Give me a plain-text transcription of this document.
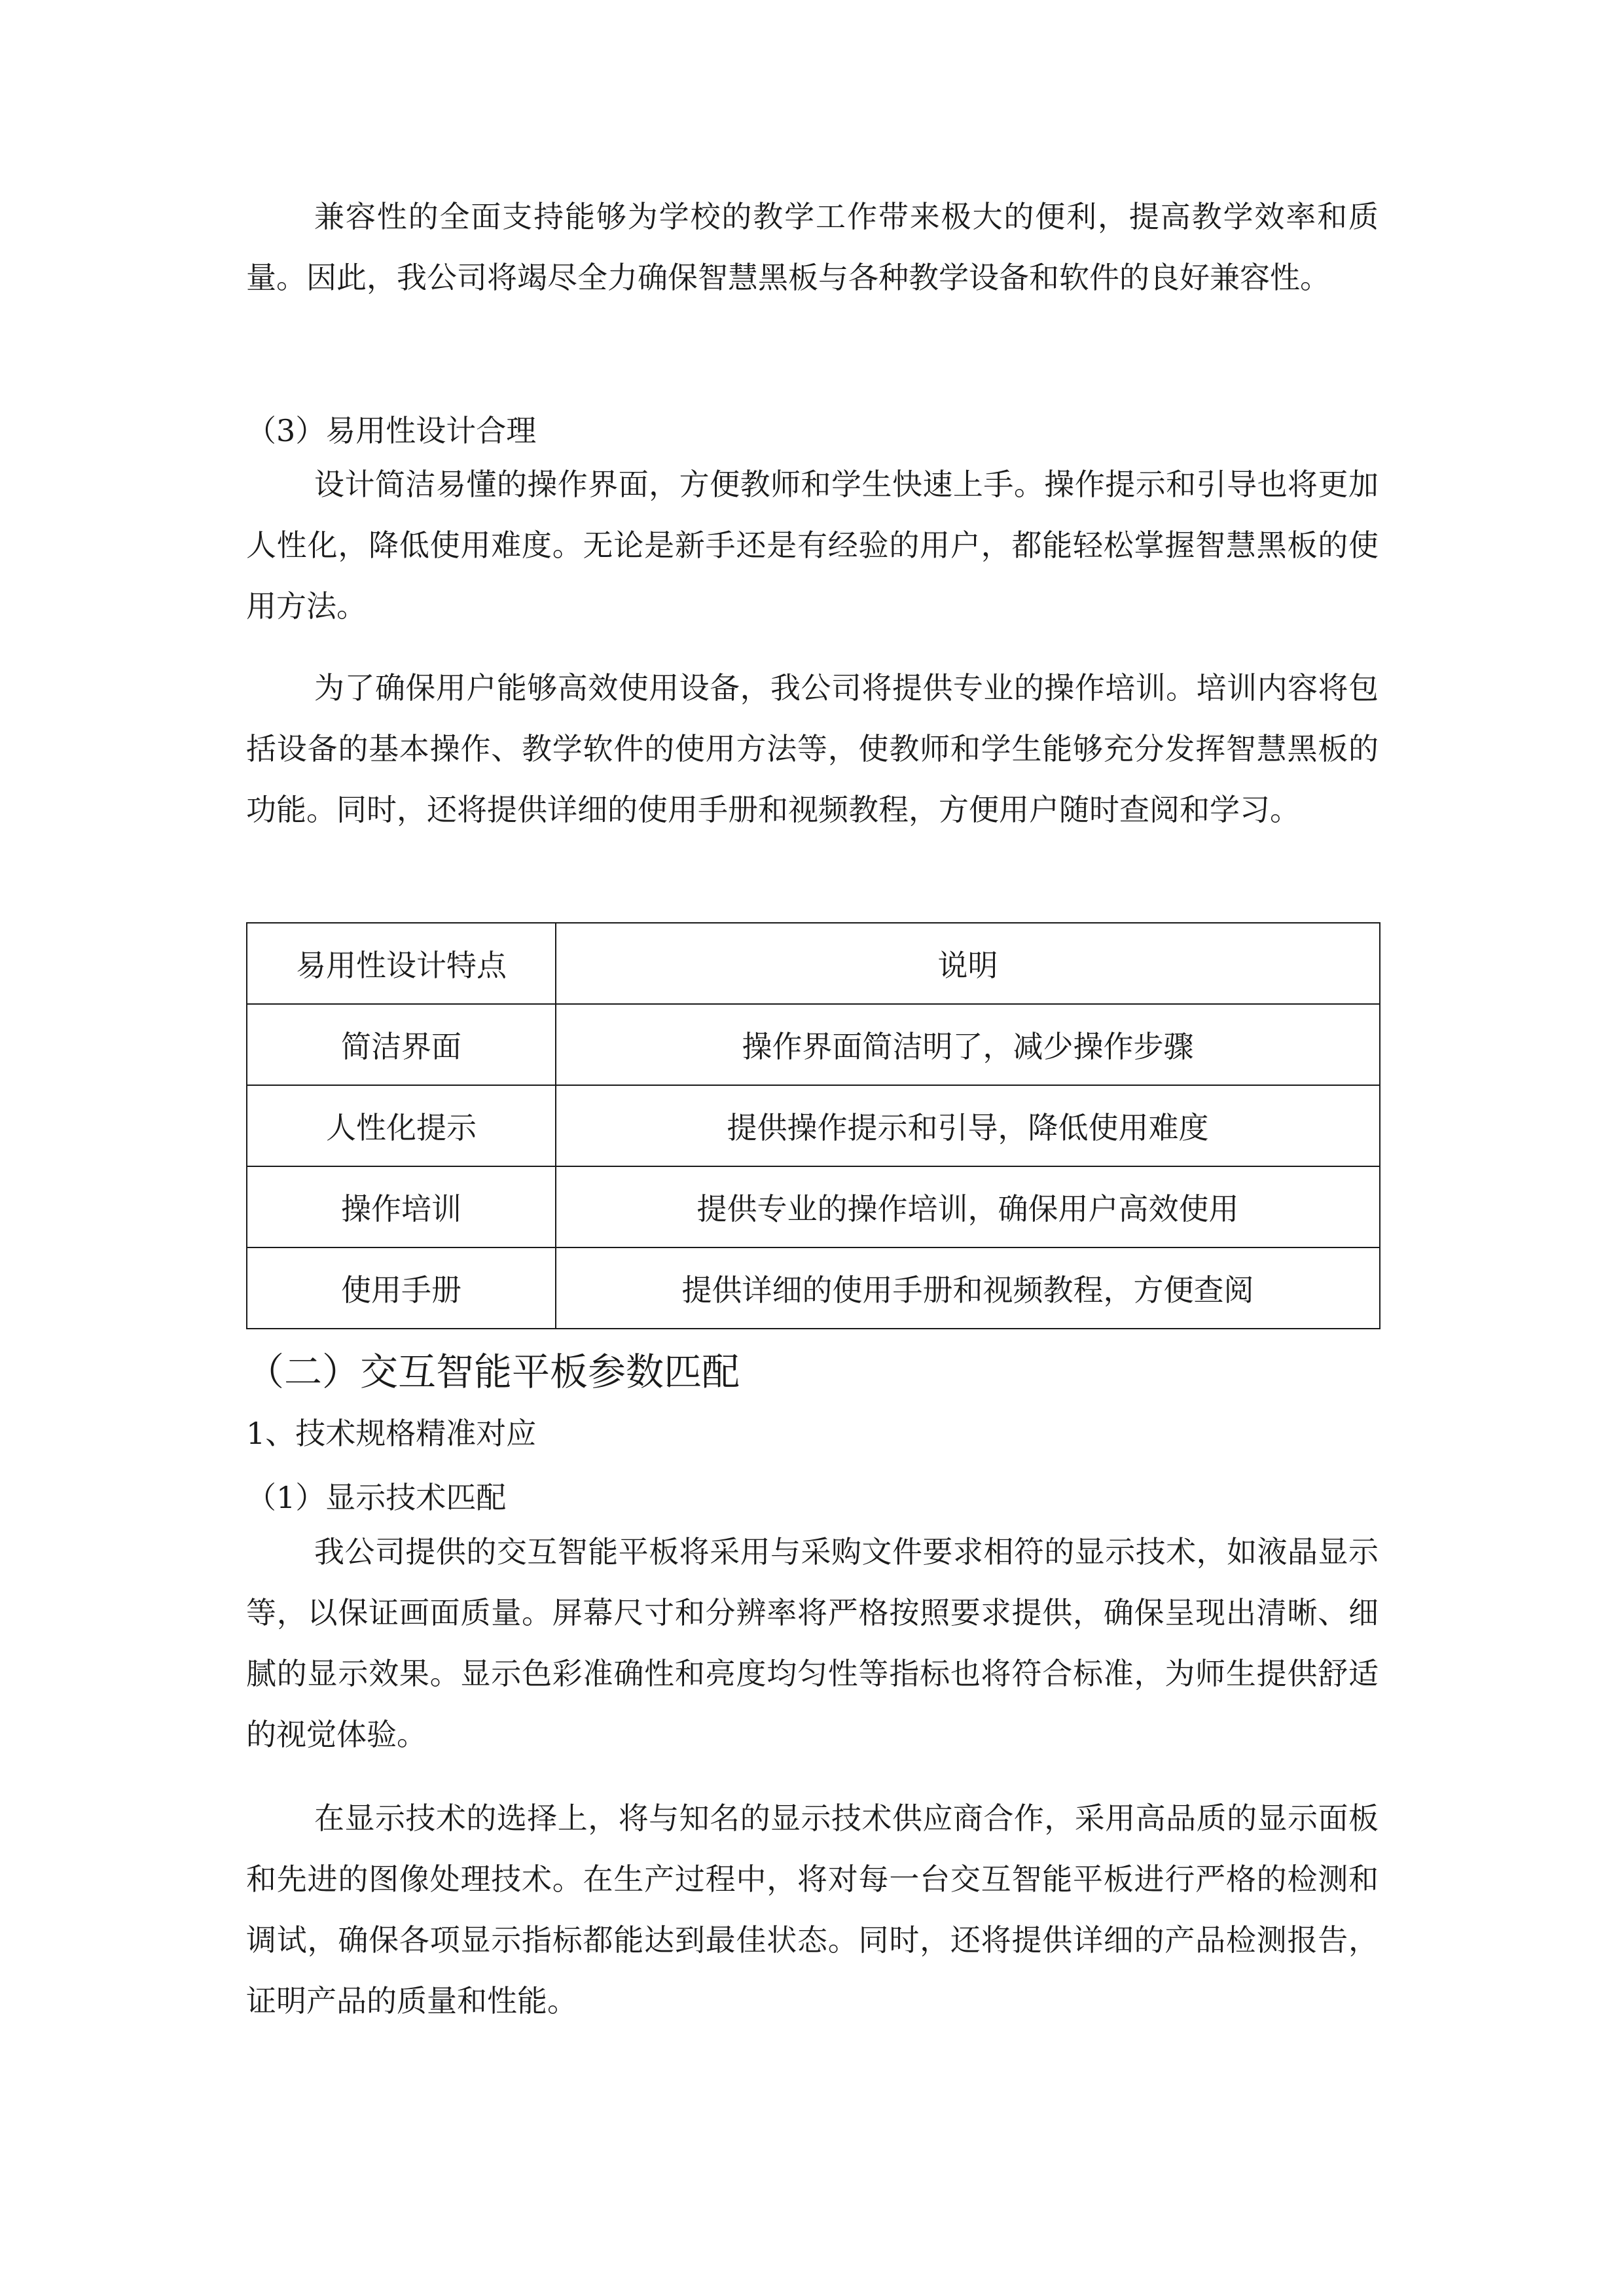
兼容性的全面支持能够为学校的教学工作带来极大的便利，提高教学效率和质量。因此，我公司将竭尽全力确保智慧黑板与各种教学设备和软件的良好兼容性。

（3）易用性设计合理

设计简洁易懂的操作界面，方便教师和学生快速上手。操作提示和引导也将更加人性化，降低使用难度。无论是新手还是有经验的用户，都能轻松掌握智慧黑板的使用方法。

为了确保用户能够高效使用设备，我公司将提供专业的操作培训。培训内容将包括设备的基本操作、教学软件的使用方法等，使教师和学生能够充分发挥智慧黑板的功能。同时，还将提供详细的使用手册和视频教程，方便用户随时查阅和学习。

易用性设计特点	说明
简洁界面	操作界面简洁明了，减少操作步骤
人性化提示	提供操作提示和引导，降低使用难度
操作培训	提供专业的操作培训，确保用户高效使用
使用手册	提供详细的使用手册和视频教程，方便查阅
（二）交互智能平板参数匹配
1、技术规格精准对应
（1）显示技术匹配

我公司提供的交互智能平板将采用与采购文件要求相符的显示技术，如液晶显示等，以保证画面质量。屏幕尺寸和分辨率将严格按照要求提供，确保呈现出清晰、细腻的显示效果。显示色彩准确性和亮度均匀性等指标也将符合标准，为师生提供舒适的视觉体验。

在显示技术的选择上，将与知名的显示技术供应商合作，采用高品质的显示面板和先进的图像处理技术。在生产过程中，将对每一台交互智能平板进行严格的检测和调试，确保各项显示指标都能达到最佳状态。同时，还将提供详细的产品检测报告，证明产品的质量和性能。
